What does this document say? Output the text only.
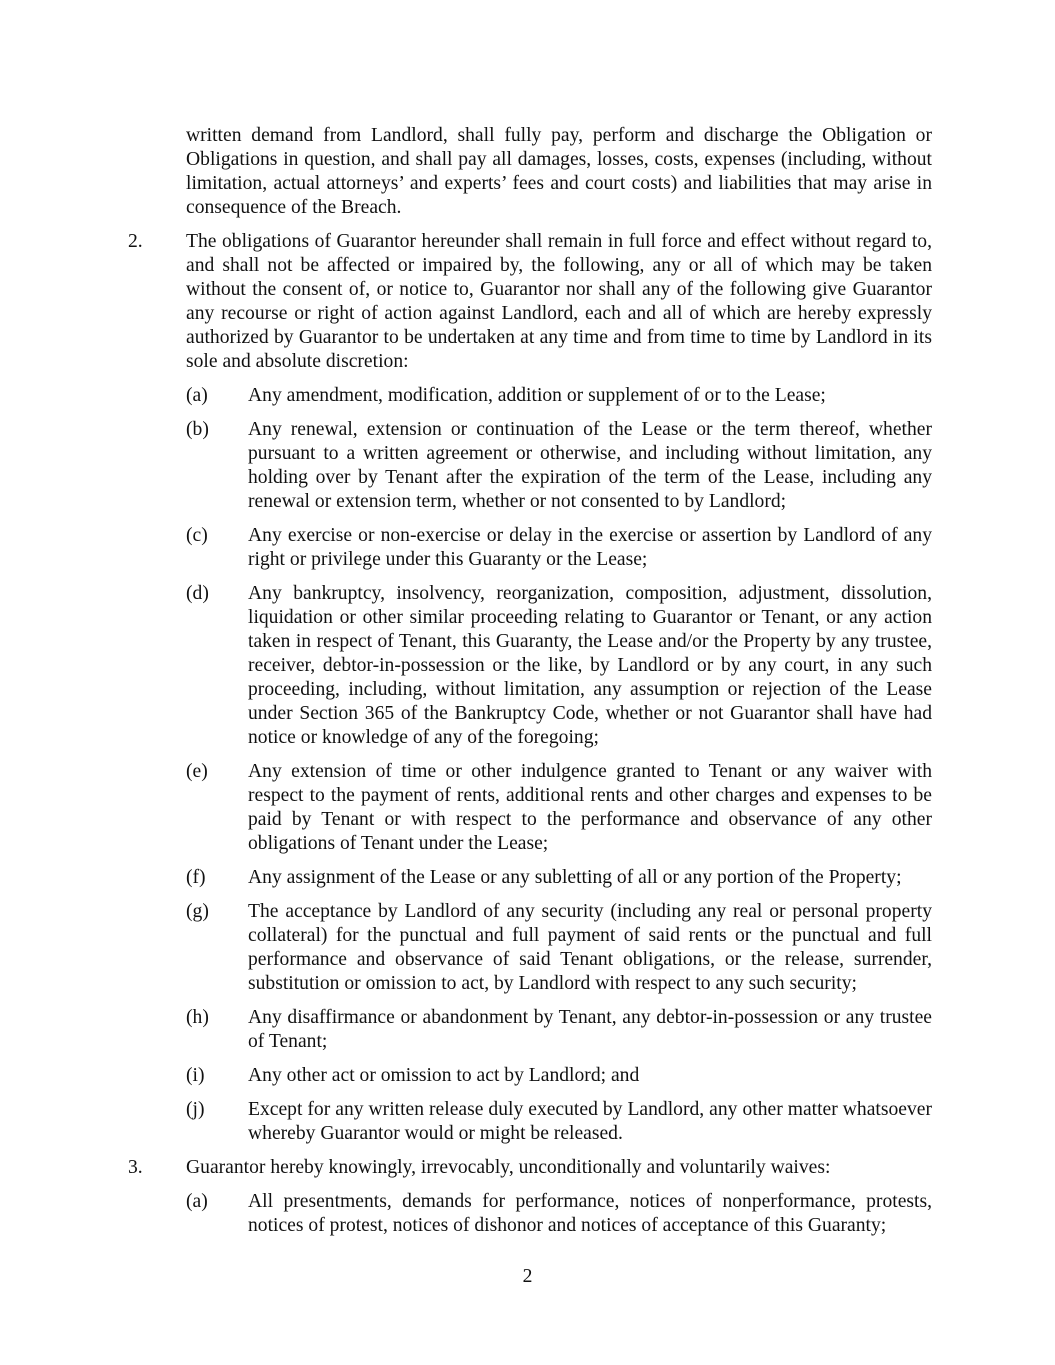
written demand from Landlord, shall fully pay, perform and discharge the Obligation or Obligations in question, and shall pay all damages, losses, costs, expenses (including, without limitation, actual attorneys’ and experts’ fees and court costs) and liabilities that may arise in consequence of the Breach.

2.	The obligations of Guarantor hereunder shall remain in full force and effect without regard to, and shall not be affected or impaired by, the following, any or all of which may be taken without the consent of, or notice to, Guarantor nor shall any of the following give Guarantor any recourse or right of action against Landlord, each and all of which are hereby expressly authorized by Guarantor to be undertaken at any time and from time to time by Landlord in its sole and absolute discretion:
(a)	Any amendment, modification, addition or supplement of or to the Lease;
(b)	Any renewal, extension or continuation of the Lease or the term thereof, whether pursuant to a written agreement or otherwise, and including without limitation, any holding over by Tenant after the expiration of the term of the Lease, including any renewal or extension term, whether or not consented to by Landlord;
(c)	Any exercise or non-exercise or delay in the exercise or assertion by Landlord of any right or privilege under this Guaranty or the Lease;
(d)	Any bankruptcy, insolvency, reorganization, composition, adjustment, dissolution, liquidation or other similar proceeding relating to Guarantor or Tenant, or any action taken in respect of Tenant, this Guaranty, the Lease and/or the Property by any trustee, receiver, debtor-in-possession or the like, by Landlord or by any court, in any such proceeding, including, without limitation, any assumption or rejection of the Lease under Section 365 of the Bankruptcy Code, whether or not Guarantor shall have had notice or knowledge of any of the foregoing;
(e)	Any extension of time or other indulgence granted to Tenant or any waiver with respect to the payment of rents, additional rents and other charges and expenses to be paid by Tenant or with respect to the performance and observance of any other obligations of Tenant under the Lease;
(f)	Any assignment of the Lease or any subletting of all or any portion of the Property;
(g)	The acceptance by Landlord of any security (including any real or personal property collateral) for the punctual and full payment of said rents or the punctual and full performance and observance of said Tenant obligations, or the release, surrender, substitution or omission to act, by Landlord with respect to any such security;
(h)	Any disaffirmance or abandonment by Tenant, any debtor-in-possession or any trustee of Tenant;
(i)	Any other act or omission to act by Landlord; and
(j)	Except for any written release duly executed by Landlord, any other matter whatsoever whereby Guarantor would or might be released.
3.	Guarantor hereby knowingly, irrevocably, unconditionally and voluntarily waives:
(a)	All presentments, demands for performance, notices of nonperformance, protests, notices of protest, notices of dishonor and notices of acceptance of this Guaranty;
2
